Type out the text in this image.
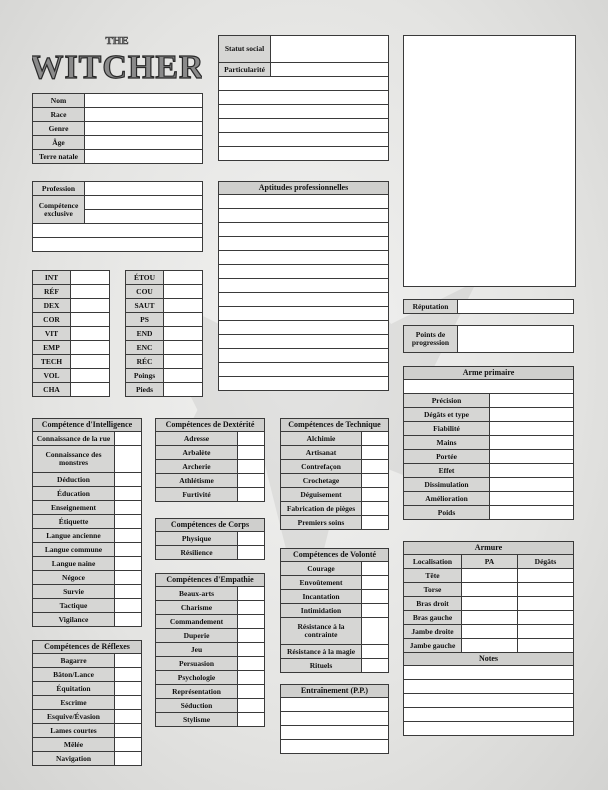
THE
WITCHER
Nom	
Race	
Genre	
Âge	
Terre natale	
Statut social	
Particularité	

Profession	
Compétence exclusive	

Aptitudes professionnelles

INT	
RÉF	
DEX	
COR	
VIT	
EMP	
TECH	
VOL	
CHA	
ÉTOU	
COU	
SAUT	
PS	
END	
ENC	
RÉC	
Poings	
Pieds	
Réputation	
Points de progression	
Arme primaire	

Précision	
Dégâts et type	
Fiabilité	
Mains	
Portée	
Effet	
Dissimulation	
Amélioration	
Poids	
Armure		
Localisation	PA	Dégâts
Tête		
Torse		
Bras droit		
Bras gauche		
Jambe droite		
Jambe gauche		
Notes		

Compétence d'Intelligence	
Connaissance de la rue	
Connaissance des monstres	
Déduction	
Éducation	
Enseignement	
Étiquette	
Langue ancienne	
Langue commune	
Langue naine	
Négoce	
Survie	
Tactique	
Vigilance	
Compétences de Réflexes	
Bagarre	
Bâton/Lance	
Équitation	
Escrime	
Esquive/Évasion	
Lames courtes	
Mêlée	
Navigation	
Compétences de Dextérité	
Adresse	
Arbalète	
Archerie	
Athlétisme	
Furtivité	
Compétences de Corps	
Physique	
Résilience	
Compétences d'Empathie	
Beaux-arts	
Charisme	
Commandement	
Duperie	
Jeu	
Persuasion	
Psychologie	
Représentation	
Séduction	
Stylisme	
Compétences de Technique	
Alchimie	
Artisanat	
Contrefaçon	
Crochetage	
Déguisement	
Fabrication de pièges	
Premiers soins	
Compétences de Volonté	
Courage	
Envoûtement	
Incantation	
Intimidation	
Résistance à la contrainte	
Résistance à la magie	
Rituels	
Entraînement (P.P.)
